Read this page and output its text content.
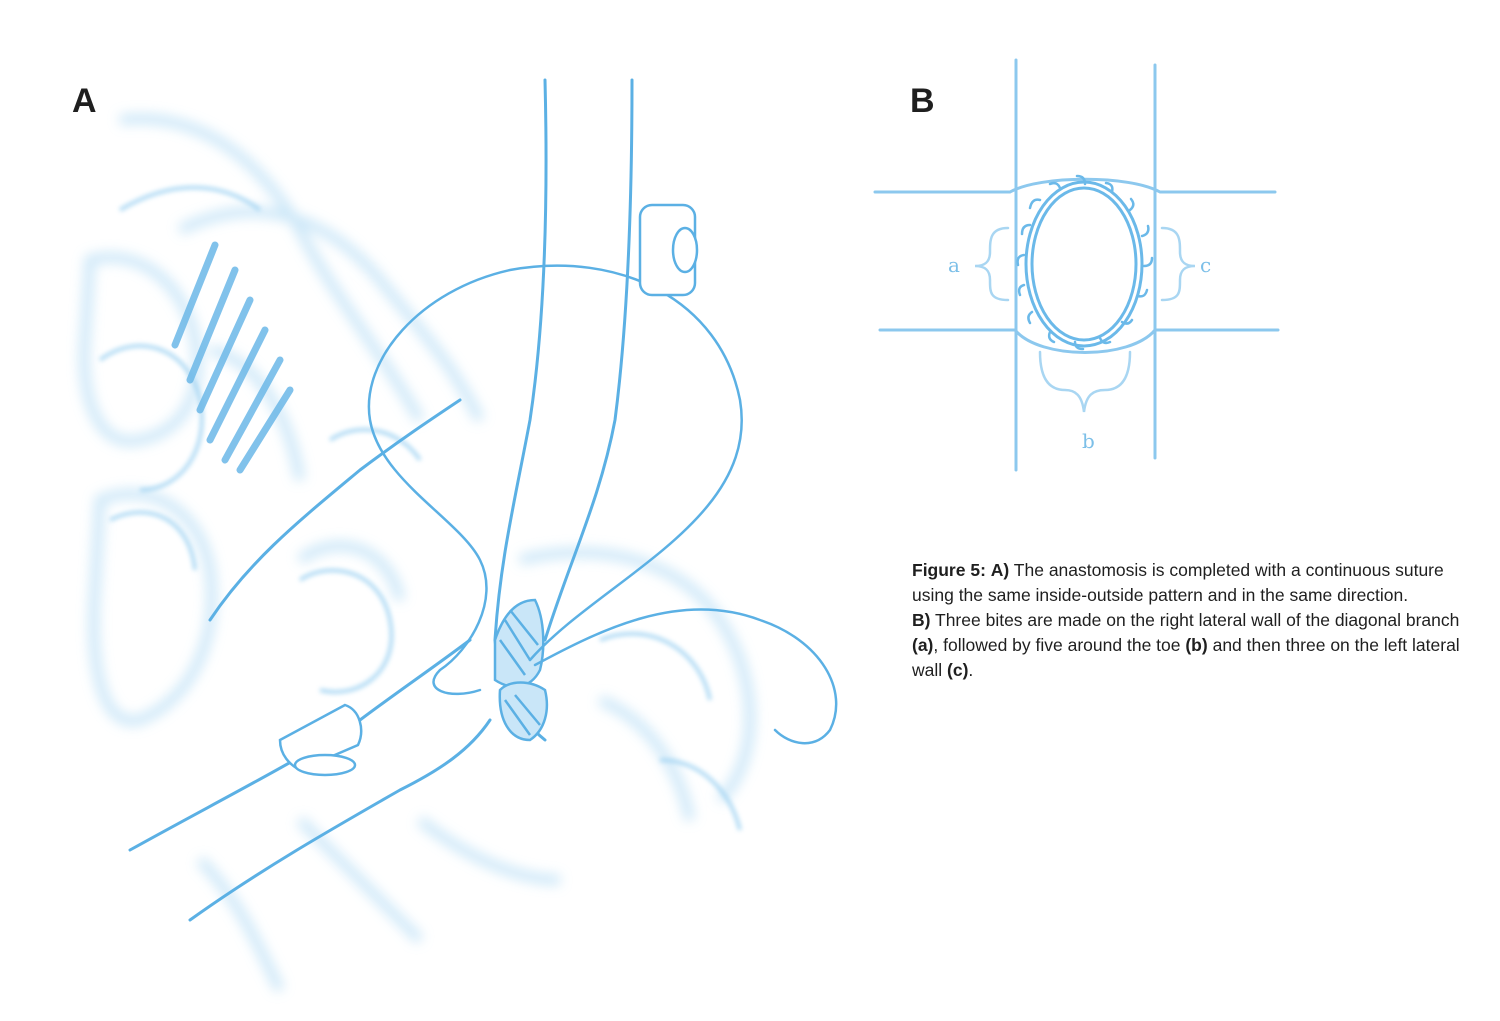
a	c
b
A	B
Figure 5: A) The anastomosis is completed with a continuous suture using the same inside-outside pattern and in the same direction.
B) Three bites are made on the right lateral wall of the diagonal branch (a), followed by five around the toe (b) and then three on the left lateral wall (c).
